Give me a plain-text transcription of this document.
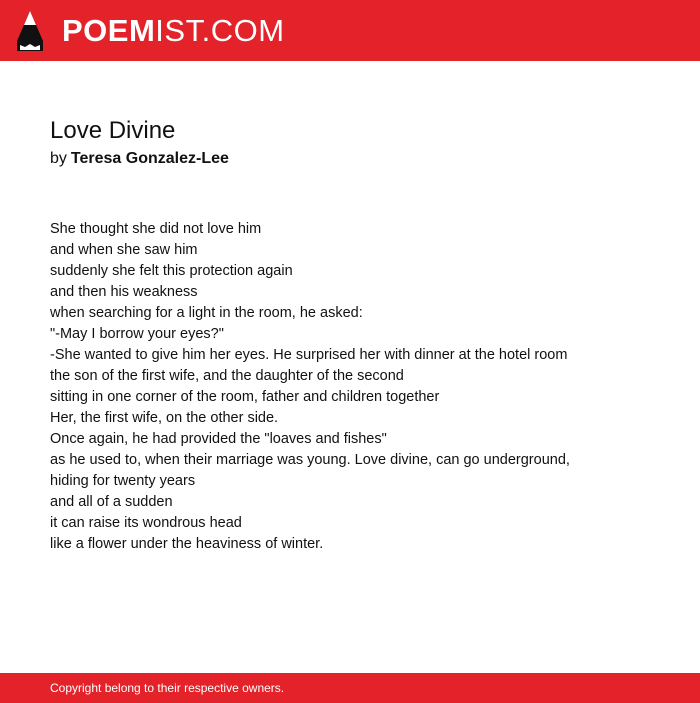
POEMIST.COM
Love Divine
by Teresa Gonzalez-Lee
She thought she did not love him
and when she saw him
suddenly she felt this protection again
and then his weakness
when searching for a light in the room, he asked:
"-May I borrow your eyes?"
-She wanted to give him her eyes. He surprised her with dinner at the hotel room
the son of the first wife, and the daughter of the second
sitting in one corner of the room, father and children together
Her, the first wife, on the other side.
Once again, he had provided the "loaves and fishes"
as he used to, when their marriage was young. Love divine, can go underground,
hiding for twenty years
and all of a sudden
it can raise its wondrous head
like a flower under the heaviness of winter.
Copyright belong to their respective owners.
